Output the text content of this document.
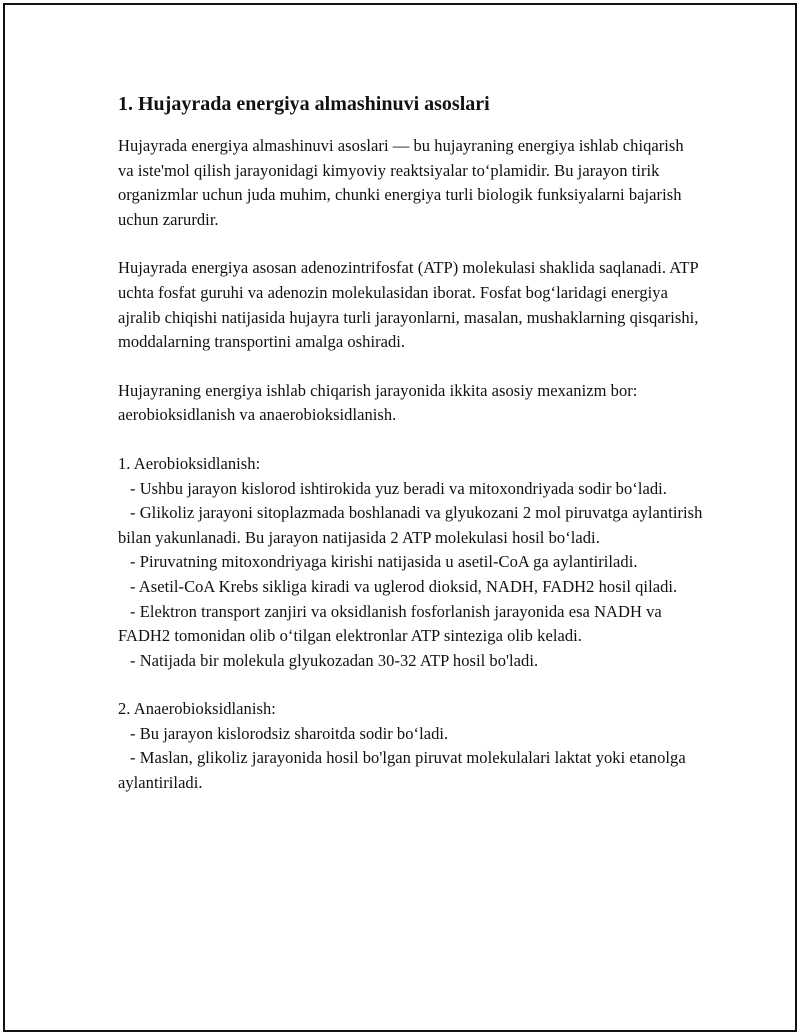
1. Hujayrada energiya almashinuvi asoslari

Hujayrada energiya almashinuvi asoslari — bu hujayraning energiya ishlab chiqarish va iste'mol qilish jarayonidagi kimyoviy reaktsiyalar to‘plamidir. Bu jarayon tirik organizmlar uchun juda muhim, chunki energiya turli biologik funksiyalarni bajarish uchun zarurdir.

Hujayrada energiya asosan adenozintrifosfat (ATP) molekulasi shaklida saqlanadi. ATP uchta fosfat guruhi va adenozin molekulasidan iborat. Fosfat bog‘laridagi energiya ajralib chiqishi natijasida hujayra turli jarayonlarni, masalan, mushaklarning qisqarishi, moddalarning transportini amalga oshiradi.

Hujayraning energiya ishlab chiqarish jarayonida ikkita asosiy mexanizm bor: aerobioksidlanish va anaerobioksidlanish.

1. Aerobioksidlanish:
- Ushbu jarayon kislorod ishtirokida yuz beradi va mitoxondriyada sodir bo‘ladi.
- Glikoliz jarayoni sitoplazmada boshlanadi va glyukozani 2 mol piruvatga aylantirish bilan yakunlanadi. Bu jarayon natijasida 2 ATP molekulasi hosil bo‘ladi.
- Piruvatning mitoxondriyaga kirishi natijasida u asetil-CoA ga aylantiriladi.
- Asetil-CoA Krebs sikliga kiradi va uglerod dioksid, NADH, FADH2 hosil qiladi.
- Elektron transport zanjiri va oksidlanish fosforlanish jarayonida esa NADH va FADH2 tomonidan olib o‘tilgan elektronlar ATP sinteziga olib keladi.
- Natijada bir molekula glyukozadan 30-32 ATP hosil bo'ladi.
2. Anaerobioksidlanish:
- Bu jarayon kislorodsiz sharoitda sodir bo‘ladi.
- Maslan, glikoliz jarayonida hosil bo'lgan piruvat molekulalari laktat yoki etanolga aylantiriladi.
